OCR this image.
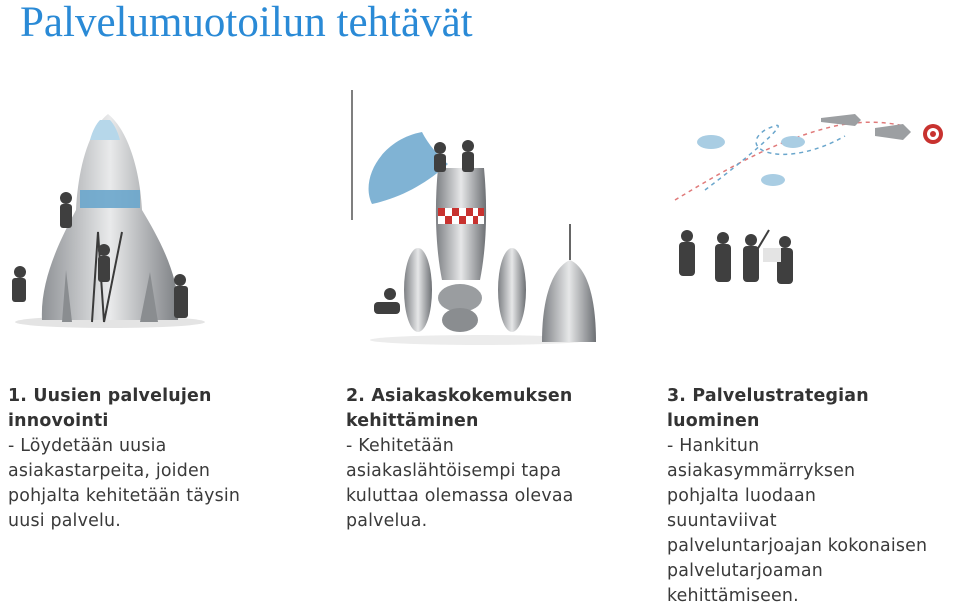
Palvelumuotoilun tehtävät
1. Uusien palvelujen
innovointi
- Löydetään uusia
asiakastarpeita, joiden
pohjalta kehitetään täysin
uusi palvelu.
2. Asiakaskokemuksen
kehittäminen
- Kehitetään
asiakaslähtöisempi tapa
kuluttaa olemassa olevaa
palvelua.
3. Palvelustrategian
luominen
- Hankitun
asiakasymmärryksen
pohjalta luodaan
suuntaviivat
palveluntarjoajan kokonaisen
palvelutarjoaman
kehittämiseen.
